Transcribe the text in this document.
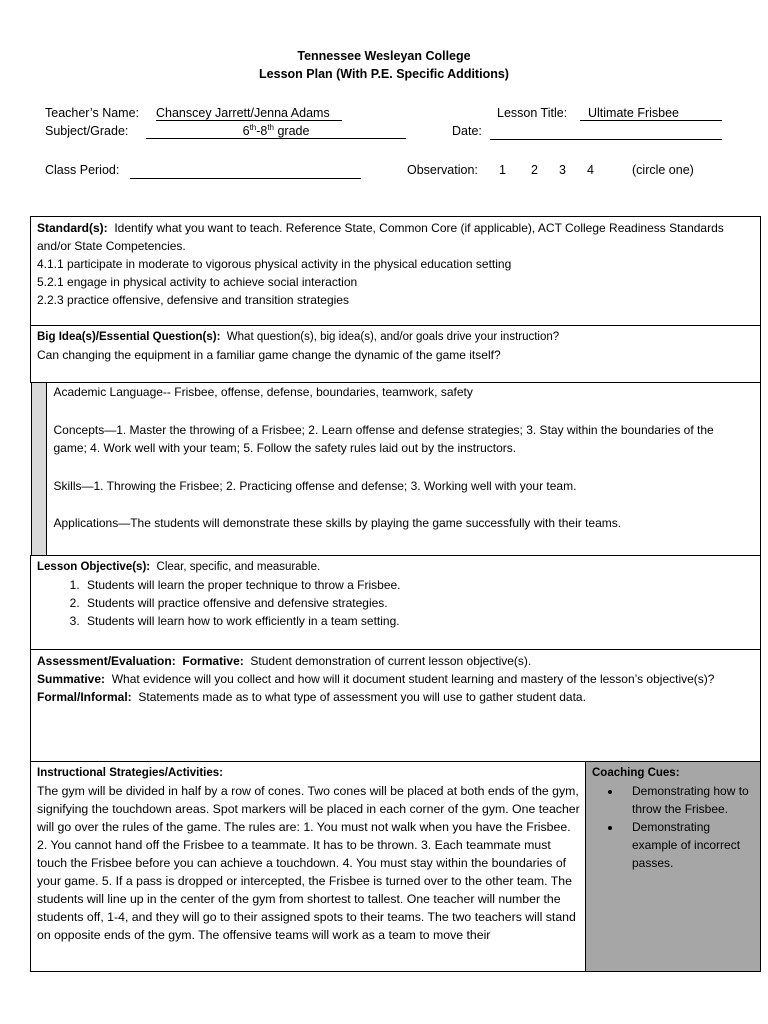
Tennessee Wesleyan College
Lesson Plan (With P.E. Specific Additions)
Teacher’s Name: Chanscey Jarrett/Jenna Adams	Lesson Title:	Ultimate Frisbee
Subject/Grade:	6th-8th grade	Date:
Class Period:	Observation: 1 2 3 4	(circle one)
Standard(s): Identify what you want to teach. Reference State, Common Core (if applicable), ACT College Readiness Standards and/or State Competencies.
4.1.1 participate in moderate to vigorous physical activity in the physical education setting
5.2.1 engage in physical activity to achieve social interaction
2.2.3 practice offensive, defensive and transition strategies

Big Idea(s)/Essential Question(s): What question(s), big idea(s), and/or goals drive your instruction?
Can changing the equipment in a familiar game change the dynamic of the game itself?

Academic Language-- Frisbee, offense, defense, boundaries, teamwork, safety
Concepts—1. Master the throwing of a Frisbee; 2. Learn offense and defense strategies; 3. Stay within the boundaries of the game; 4. Work well with your team; 5. Follow the safety rules laid out by the instructors.
Skills—1. Throwing the Frisbee; 2. Practicing offense and defense; 3. Working well with your team.
Applications—The students will demonstrate these skills by playing the game successfully with their teams.

Lesson Objective(s): Clear, specific, and measurable.
1. Students will learn the proper technique to throw a Frisbee.
2. Students will practice offensive and defensive strategies.
3. Students will learn how to work efficiently in a team setting.

Assessment/Evaluation: Formative: Student demonstration of current lesson objective(s).
Summative: What evidence will you collect and how will it document student learning and mastery of the lesson’s objective(s)?  Formal/Informal: Statements made as to what type of assessment you will use to gather student data.

Instructional Strategies/Activities:
The gym will be divided in half by a row of cones. Two cones will be placed at both ends of the gym, signifying the touchdown areas. Spot markers will be placed in each corner of the gym. One teacher will go over the rules of the game. The rules are: 1. You must not walk when you have the Frisbee. 2. You cannot hand off the Frisbee to a teammate. It has to be thrown. 3. Each teammate must touch the Frisbee before you can achieve a touchdown. 4. You must stay within the boundaries of your game. 5. If a pass is dropped or intercepted, the Frisbee is turned over to the other team. The students will line up in the center of the gym from shortest to tallest. One teacher will number the students off, 1-4, and they will go to their assigned spots to their teams. The two teachers will stand on opposite ends of the gym. The offensive teams will work as a team to move their

Coaching Cues:
• Demonstrating how to throw the Frisbee.
• Demonstrating example of incorrect passes.
